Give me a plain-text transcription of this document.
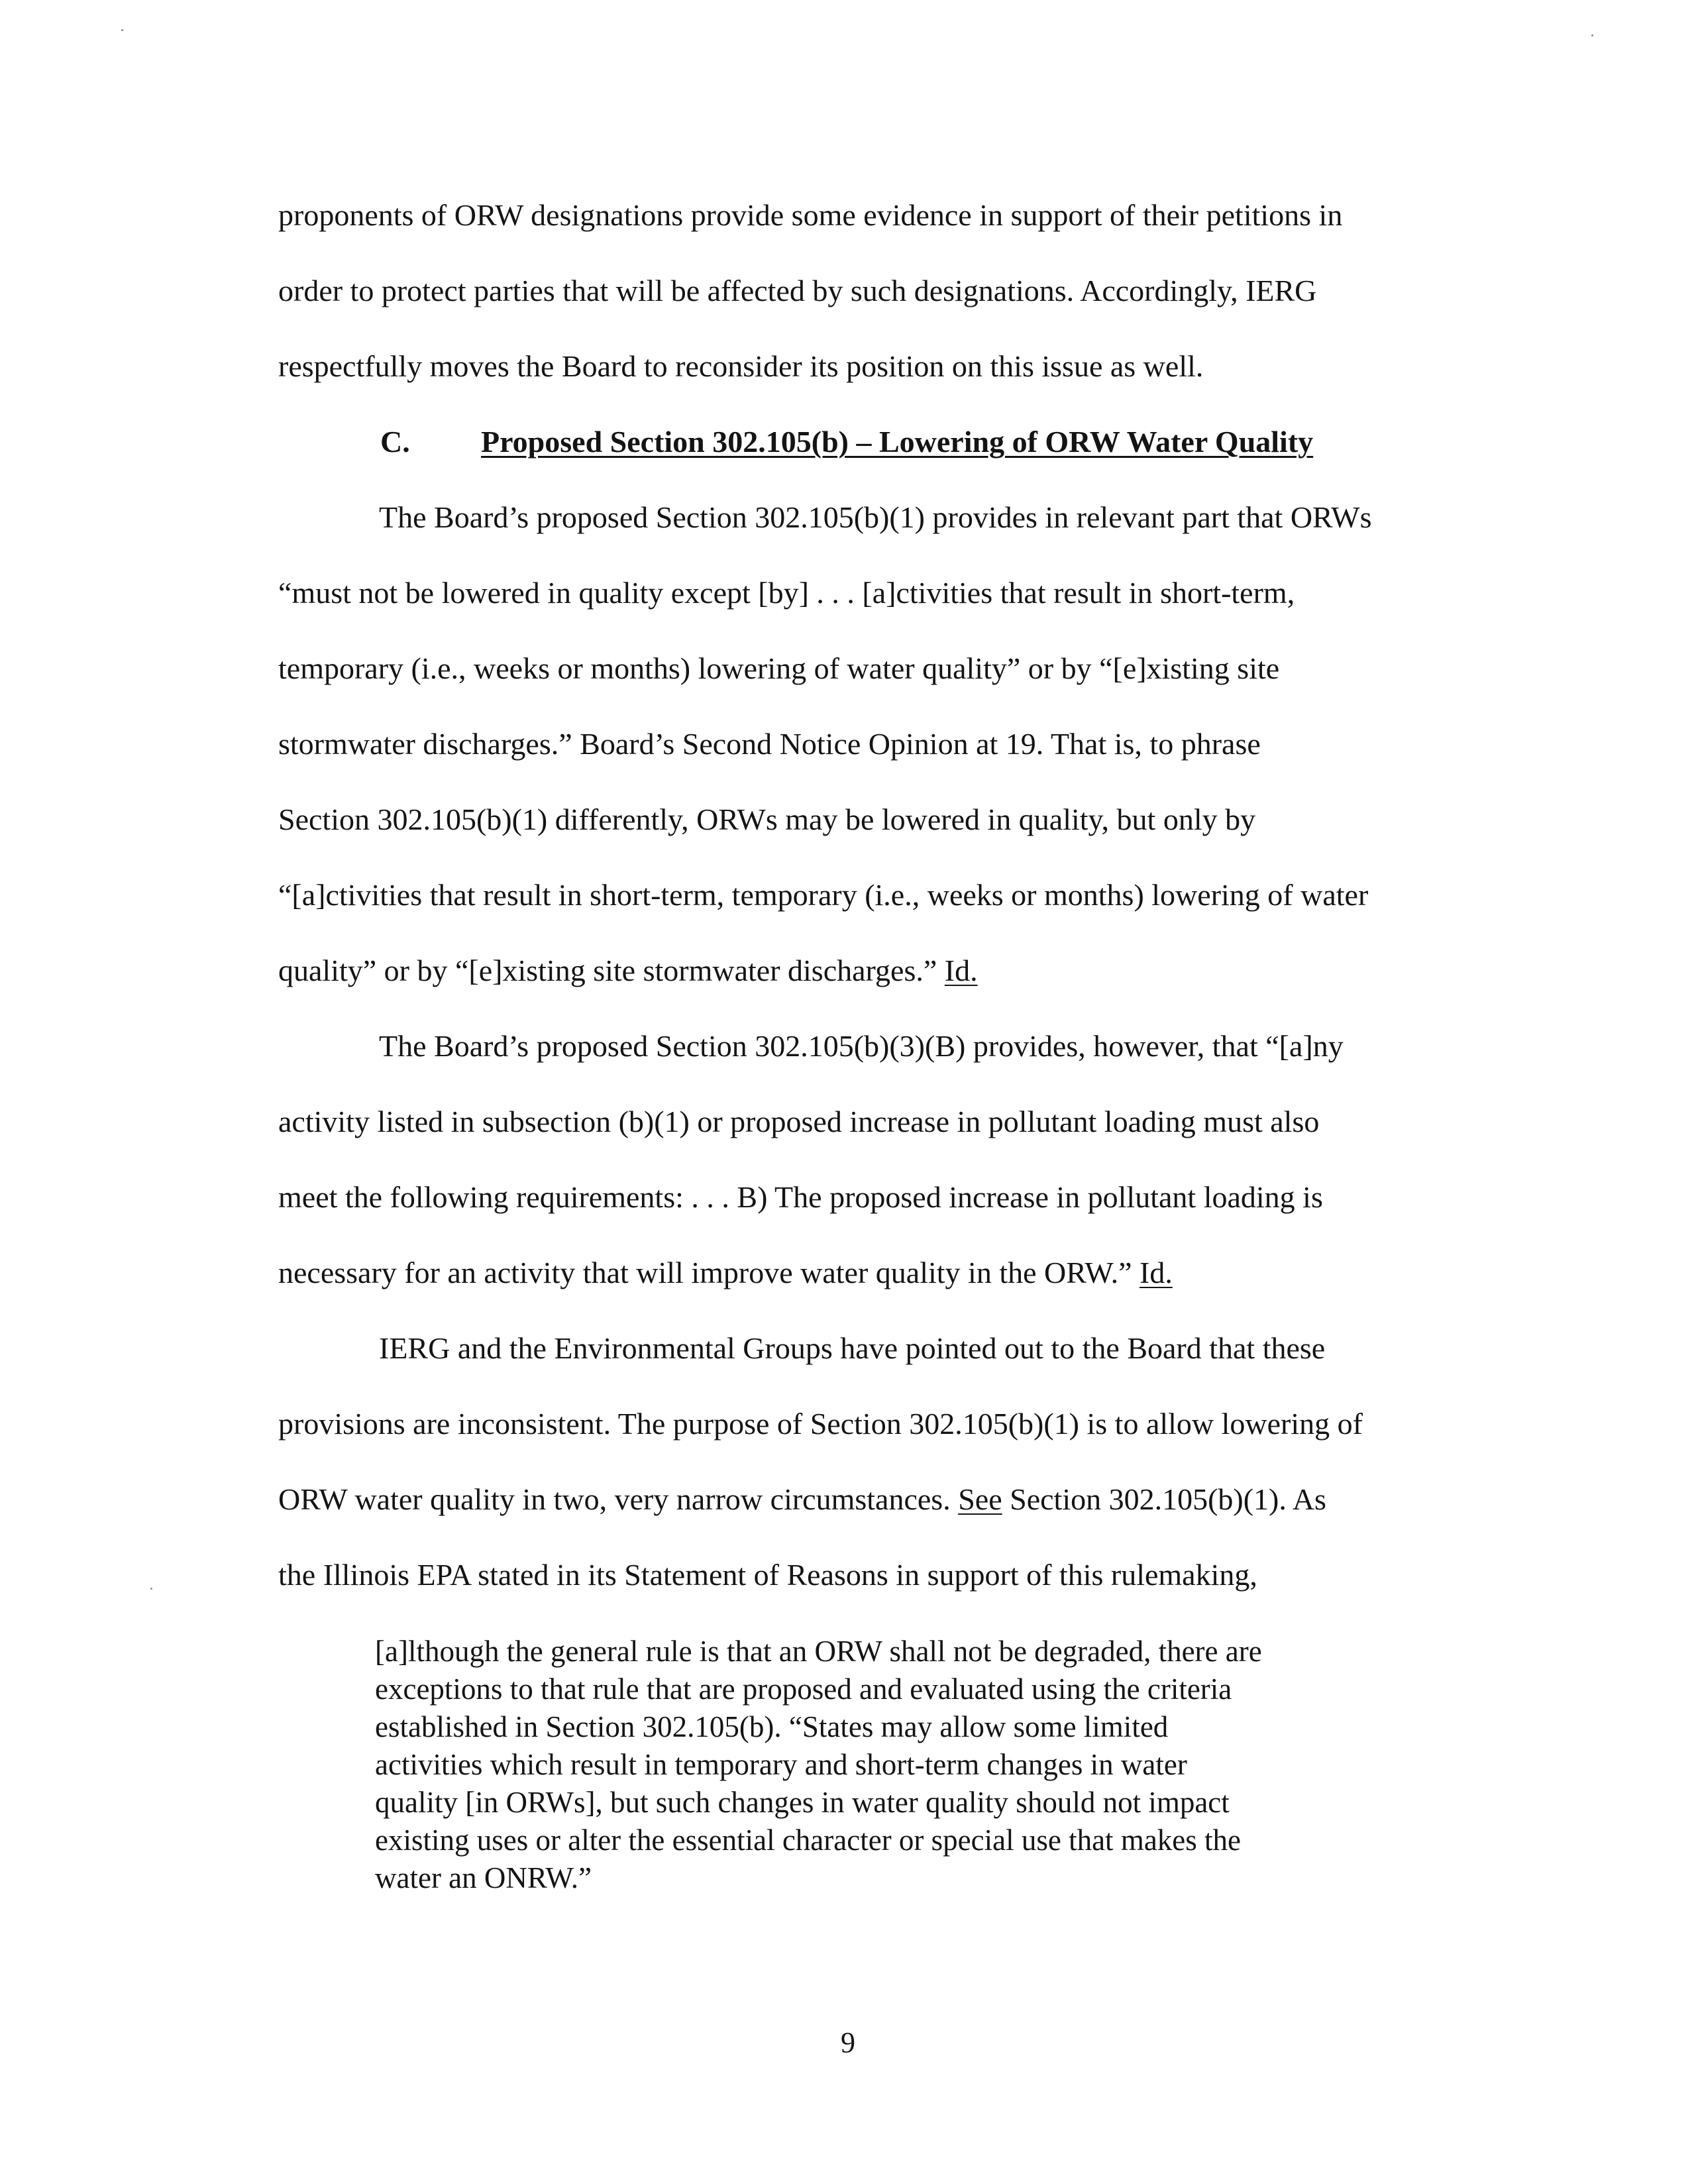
proponents of ORW designations provide some evidence in support of their petitions in
order to protect parties that will be affected by such designations. Accordingly, IERG
respectfully moves the Board to reconsider its position on this issue as well.
C. Proposed Section 302.105(b) – Lowering of ORW Water Quality
The Board’s proposed Section 302.105(b)(1) provides in relevant part that ORWs
“must not be lowered in quality except [by] . . . [a]ctivities that result in short-term,
temporary (i.e., weeks or months) lowering of water quality” or by “[e]xisting site
stormwater discharges.” Board’s Second Notice Opinion at 19. That is, to phrase
Section 302.105(b)(1) differently, ORWs may be lowered in quality, but only by
“[a]ctivities that result in short-term, temporary (i.e., weeks or months) lowering of water
quality” or by “[e]xisting site stormwater discharges.” Id.
The Board’s proposed Section 302.105(b)(3)(B) provides, however, that “[a]ny
activity listed in subsection (b)(1) or proposed increase in pollutant loading must also
meet the following requirements: . . . B) The proposed increase in pollutant loading is
necessary for an activity that will improve water quality in the ORW.” Id.
IERG and the Environmental Groups have pointed out to the Board that these
provisions are inconsistent. The purpose of Section 302.105(b)(1) is to allow lowering of
ORW water quality in two, very narrow circumstances. See Section 302.105(b)(1). As
the Illinois EPA stated in its Statement of Reasons in support of this rulemaking,
[a]lthough the general rule is that an ORW shall not be degraded, there are
exceptions to that rule that are proposed and evaluated using the criteria
established in Section 302.105(b). “States may allow some limited
activities which result in temporary and short-term changes in water
quality [in ORWs], but such changes in water quality should not impact
existing uses or alter the essential character or special use that makes the
water an ONRW.”
9
